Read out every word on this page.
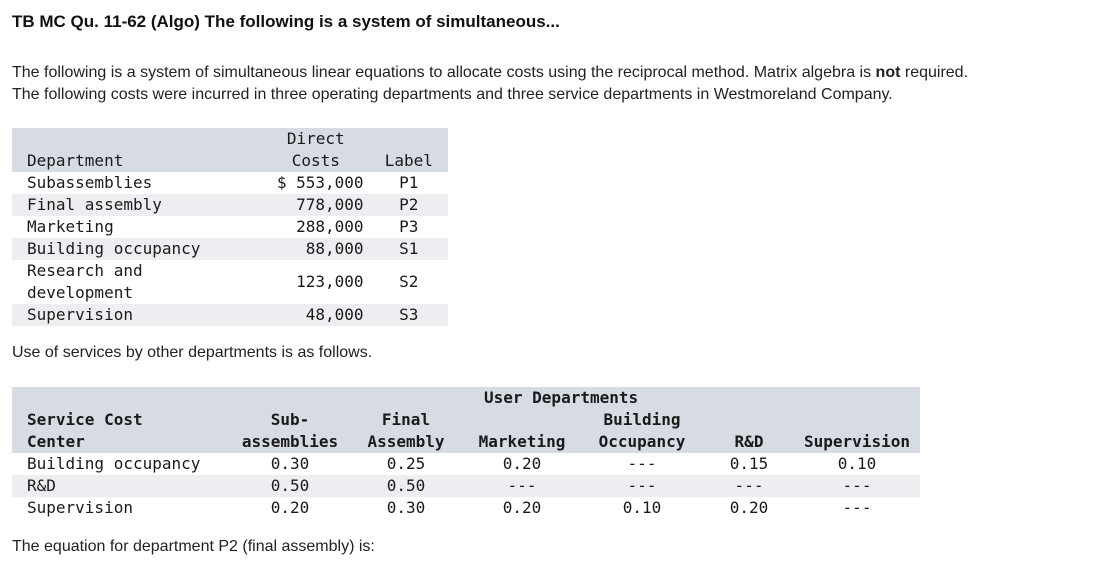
TB MC Qu. 11-62 (Algo) The following is a system of simultaneous...
The following is a system of simultaneous linear equations to allocate costs using the reciprocal method. Matrix algebra is not required.
The following costs were incurred in three operating departments and three service departments in Westmoreland Company.
	Direct	
Department	Costs	Label
Subassemblies	$ 553,000	P1
Final assembly	778,000	P2
Marketing	288,000	P3
Building occupancy	88,000	S1
Research and
development	123,000	S2
Supervision	48,000	S3
Use of services by other departments is as follows.
			User Departments			
Service Cost	Sub-	Final		Building		
Center	assemblies	Assembly	Marketing	Occupancy	R&D	Supervision
Building occupancy	0.30	0.25	0.20	---	0.15	0.10
R&D	0.50	0.50	---	---	---	---
Supervision	0.20	0.30	0.20	0.10	0.20	---
The equation for department P2 (final assembly) is:
